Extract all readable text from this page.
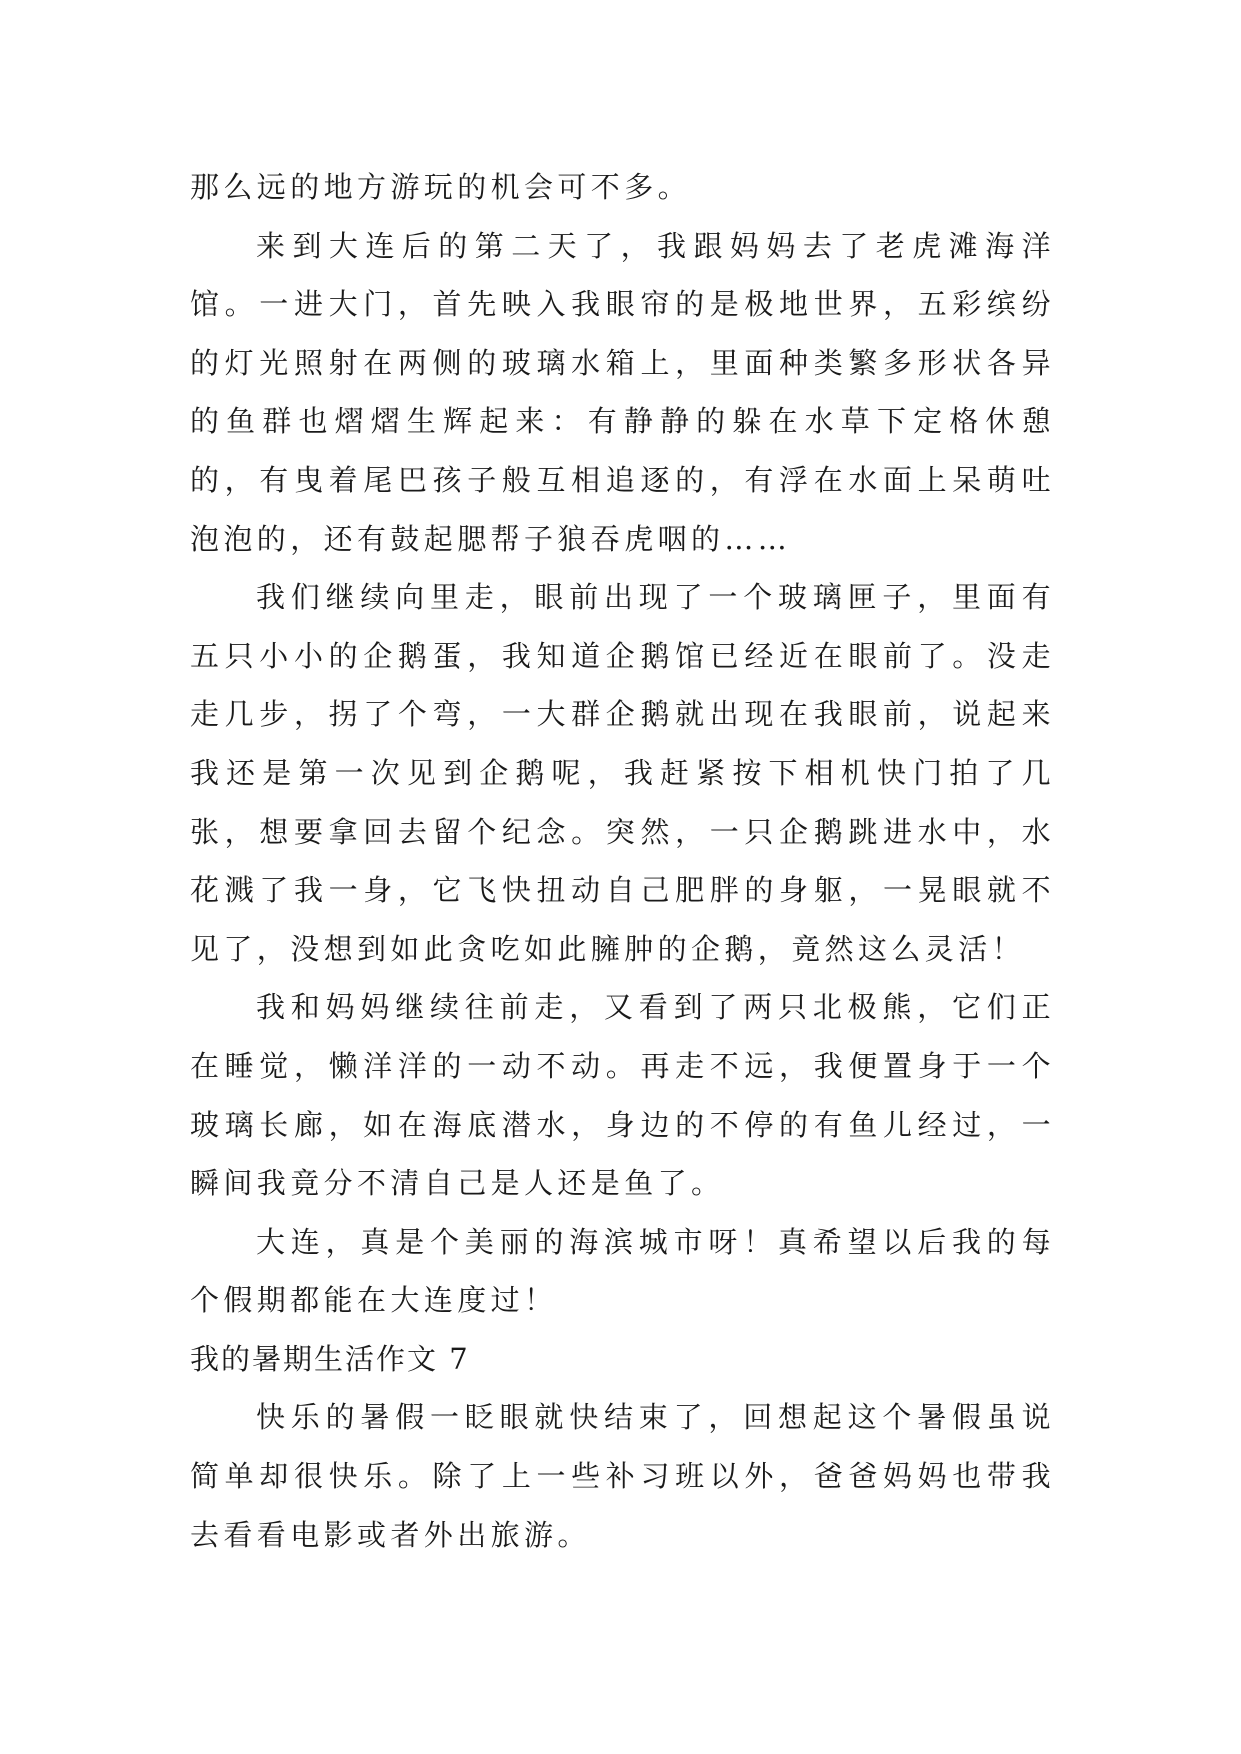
那么远的地方游玩的机会可不多。

来到大连后的第二天了，我跟妈妈去了老虎滩海洋馆。一进大门，首先映入我眼帘的是极地世界，五彩缤纷的灯光照射在两侧的玻璃水箱上，里面种类繁多形状各异的鱼群也熠熠生辉起来：有静静的躲在水草下定格休憩的，有曳着尾巴孩子般互相追逐的，有浮在水面上呆萌吐泡泡的，还有鼓起腮帮子狼吞虎咽的……

我们继续向里走，眼前出现了一个玻璃匣子，里面有五只小小的企鹅蛋，我知道企鹅馆已经近在眼前了。没走走几步，拐了个弯，一大群企鹅就出现在我眼前，说起来我还是第一次见到企鹅呢，我赶紧按下相机快门拍了几张，想要拿回去留个纪念。突然，一只企鹅跳进水中，水花溅了我一身，它飞快扭动自己肥胖的身躯，一晃眼就不见了，没想到如此贪吃如此臃肿的企鹅，竟然这么灵活！

我和妈妈继续往前走，又看到了两只北极熊，它们正在睡觉，懒洋洋的一动不动。再走不远，我便置身于一个玻璃长廊，如在海底潜水，身边的不停的有鱼儿经过，一瞬间我竟分不清自己是人还是鱼了。

大连，真是个美丽的海滨城市呀！真希望以后我的每个假期都能在大连度过！

我的暑期生活作文 7

快乐的暑假一眨眼就快结束了，回想起这个暑假虽说简单却很快乐。除了上一些补习班以外，爸爸妈妈也带我去看看电影或者外出旅游。
